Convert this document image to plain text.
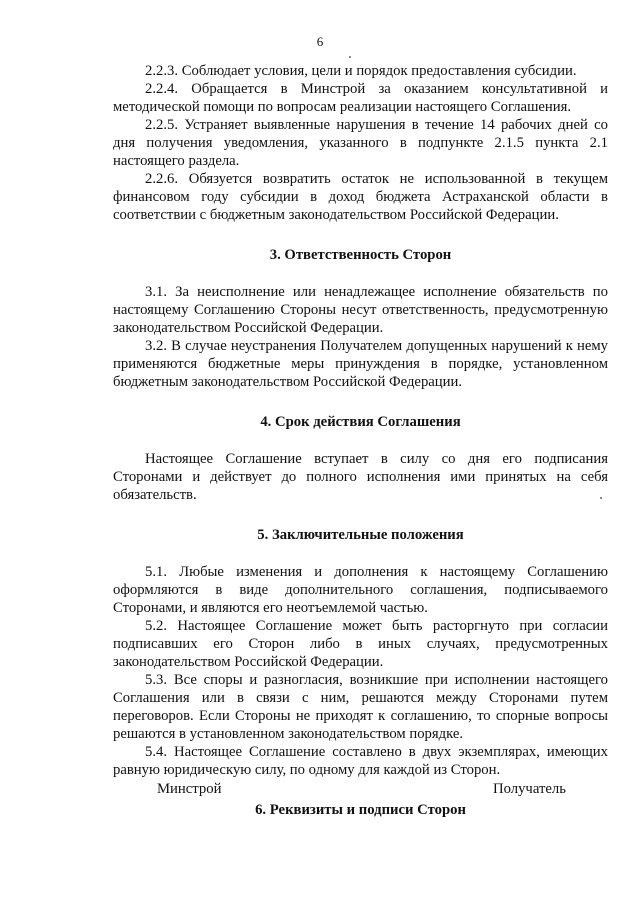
6

2.2.3. Соблюдает условия, цели и порядок предоставления субсидии.

2.2.4. Обращается в Минстрой за оказанием консультативной и методической помощи по вопросам реализации настоящего Соглашения.

2.2.5. Устраняет выявленные нарушения в течение 14 рабочих дней со дня получения уведомления, указанного в подпункте 2.1.5 пункта 2.1 настоящего раздела.

2.2.6. Обязуется возвратить остаток не использованной в текущем финансовом году субсидии в доход бюджета Астраханской области в соответствии с бюджетным законодательством Российской Федерации.

3. Ответственность Сторон

3.1. За неисполнение или ненадлежащее исполнение обязательств по настоящему Соглашению Стороны несут ответственность, предусмотренную законодательством Российской Федерации.

3.2. В случае неустранения Получателем допущенных нарушений к нему применяются бюджетные меры принуждения в порядке, установленном бюджетным законодательством Российской Федерации.

4. Срок действия Соглашения

Настоящее Соглашение вступает в силу со дня его подписания Сторонами и действует до полного исполнения ими принятых на себя обязательств.

5. Заключительные положения

5.1. Любые изменения и дополнения к настоящему Соглашению оформляются в виде дополнительного соглашения, подписываемого Сторонами, и являются его неотъемлемой частью.

5.2. Настоящее Соглашение может быть расторгнуто при согласии подписавших его Сторон либо в иных случаях, предусмотренных законодательством Российской Федерации.

5.3. Все споры и разногласия, возникшие при исполнении настоящего Соглашения или в связи с ним, решаются между Сторонами путем переговоров. Если Стороны не приходят к соглашению, то спорные вопросы решаются в установленном законодательством порядке.

5.4. Настоящее Соглашение составлено в двух экземплярах, имеющих равную юридическую силу, по одному для каждой из Сторон.

6. Реквизиты и подписи Сторон
Минстрой	Получатель
